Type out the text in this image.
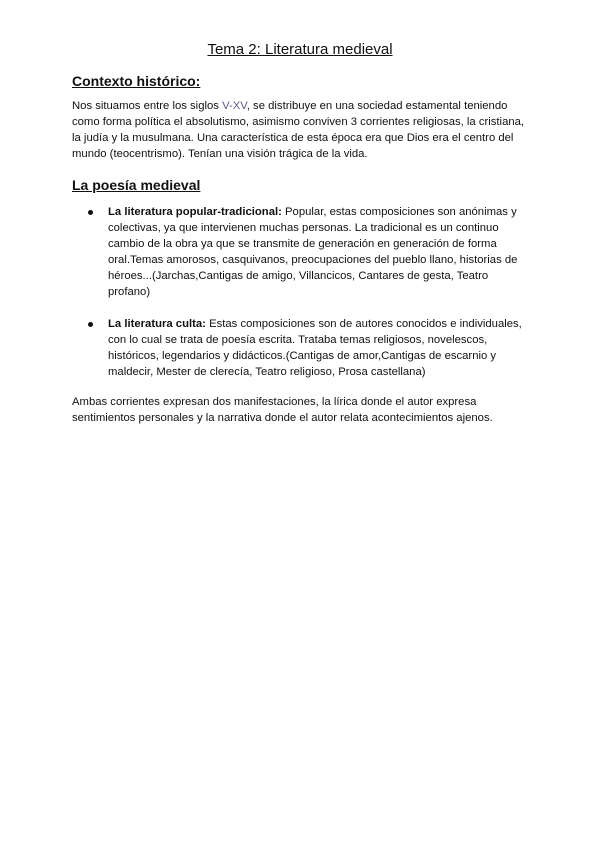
Tema 2: Literatura medieval
Contexto histórico:

Nos situamos entre los siglos V-XV, se distribuye en una sociedad estamental teniendo como forma política el absolutismo, asimismo conviven 3 corrientes religiosas, la cristiana, la judía y la musulmana. Una característica de esta época era que Dios era el centro del mundo (teocentrismo). Tenían una visión trágica de la vida.

La poesía medieval
La literatura popular-tradicional: Popular, estas composiciones son anónimas y colectivas, ya que intervienen muchas personas. La tradicional es un continuo cambio de la obra ya que se transmite de generación en generación de forma oral.Temas amorosos, casquivanos, preocupaciones del pueblo llano, historias de héroes...(Jarchas,Cantigas de amigo, Villancicos, Cantares de gesta, Teatro profano)
La literatura culta: Estas composiciones son de autores conocidos e individuales, con lo cual se trata de poesía escrita. Trataba temas religiosos, novelescos, históricos, legendarios y didácticos.(Cantigas de amor,Cantigas de escarnio y maldecir, Mester de clerecía, Teatro religioso, Prosa castellana)

Ambas corrientes expresan dos manifestaciones, la lírica donde el autor expresa sentimientos personales y la narrativa donde el autor relata acontecimientos ajenos.
